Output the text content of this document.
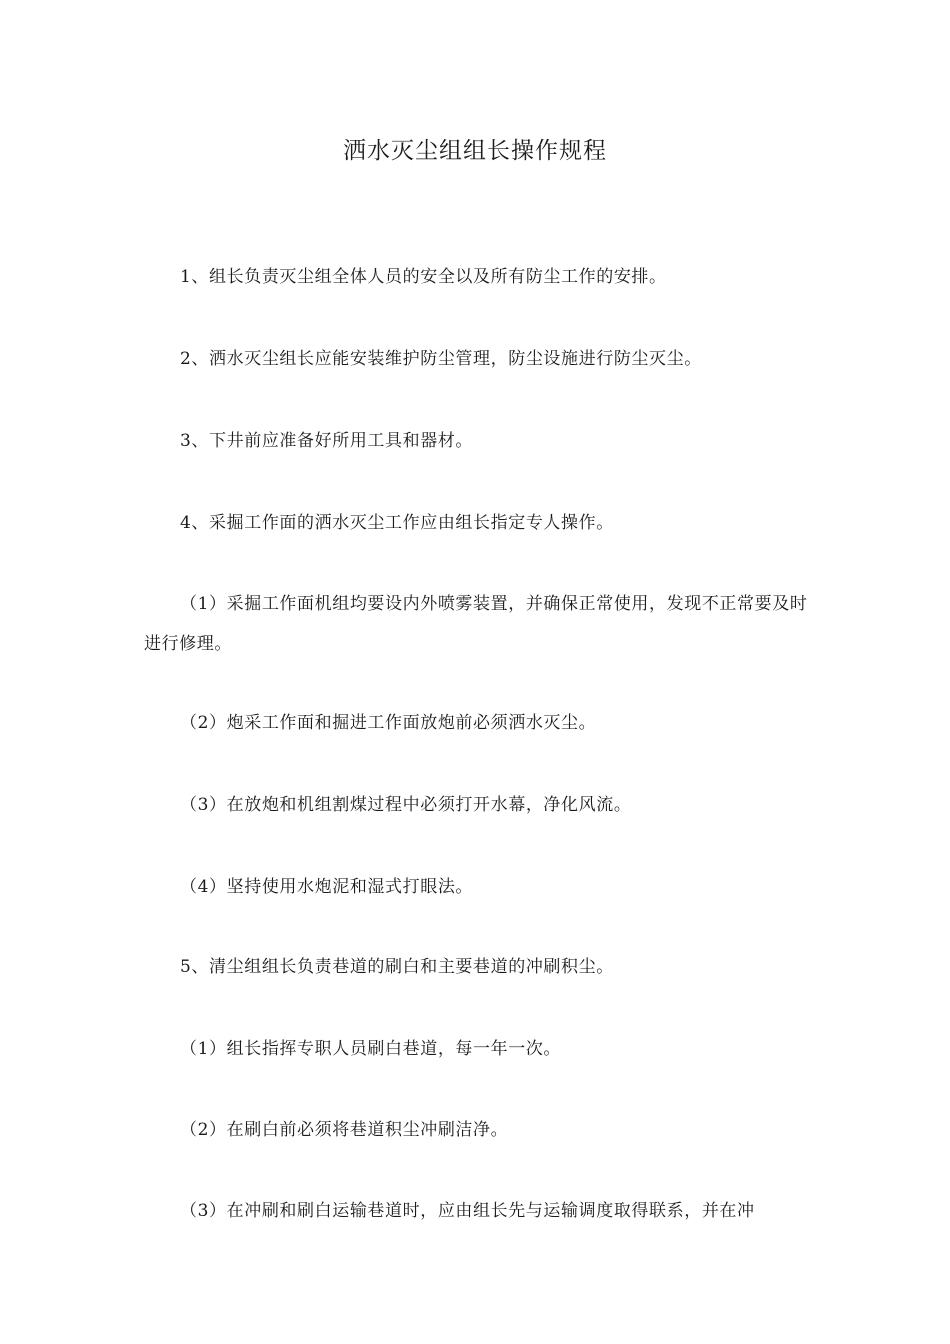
洒水灭尘组组长操作规程

1、组长负责灭尘组全体人员的安全以及所有防尘工作的安排。

2、洒水灭尘组长应能安装维护防尘管理，防尘设施进行防尘灭尘。

3、下井前应准备好所用工具和器材。

4、采掘工作面的洒水灭尘工作应由组长指定专人操作。

（1）采掘工作面机组均要设内外喷雾装置，并确保正常使用，发现不正常要及时进行修理。

（2）炮采工作面和掘进工作面放炮前必须洒水灭尘。

（3）在放炮和机组割煤过程中必须打开水幕，净化风流。

（4）坚持使用水炮泥和湿式打眼法。

5、清尘组组长负责巷道的刷白和主要巷道的冲刷积尘。

（1）组长指挥专职人员刷白巷道，每一年一次。

（2）在刷白前必须将巷道积尘冲刷洁净。

（3）在冲刷和刷白运输巷道时，应由组长先与运输调度取得联系，并在冲
